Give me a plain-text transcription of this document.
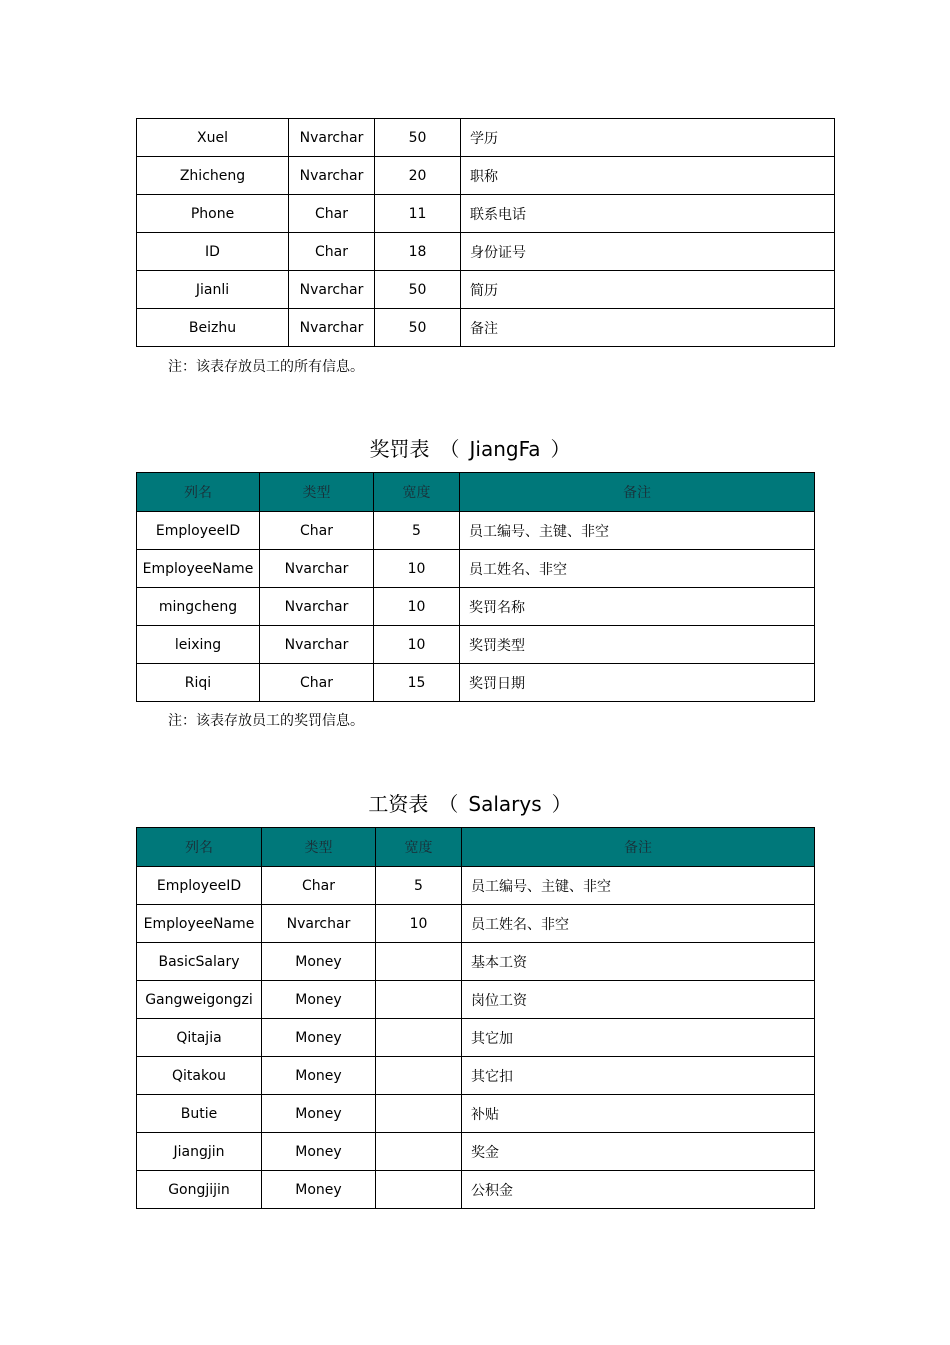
Xuel	Nvarchar	50	学历
Zhicheng	Nvarchar	20	职称
Phone	Char	11	联系电话
ID	Char	18	身份证号
Jianli	Nvarchar	50	简历
Beizhu	Nvarchar	50	备注
注：该表存放员工的所有信息。
奖罚表 （ JiangFa ）
列名	类型	宽度	备注
EmployeeID	Char	5	员工编号、主键、非空
EmployeeName	Nvarchar	10	员工姓名、非空
mingcheng	Nvarchar	10	奖罚名称
leixing	Nvarchar	10	奖罚类型
Riqi	Char	15	奖罚日期
注：该表存放员工的奖罚信息。
工资表 （ Salarys ）
列名	类型	宽度	备注
EmployeeID	Char	5	员工编号、主键、非空
EmployeeName	Nvarchar	10	员工姓名、非空
BasicSalary	Money		基本工资
Gangweigongzi	Money		岗位工资
Qitajia	Money		其它加
Qitakou	Money		其它扣
Butie	Money		补贴
Jiangjin	Money		奖金
Gongjijin	Money		公积金
